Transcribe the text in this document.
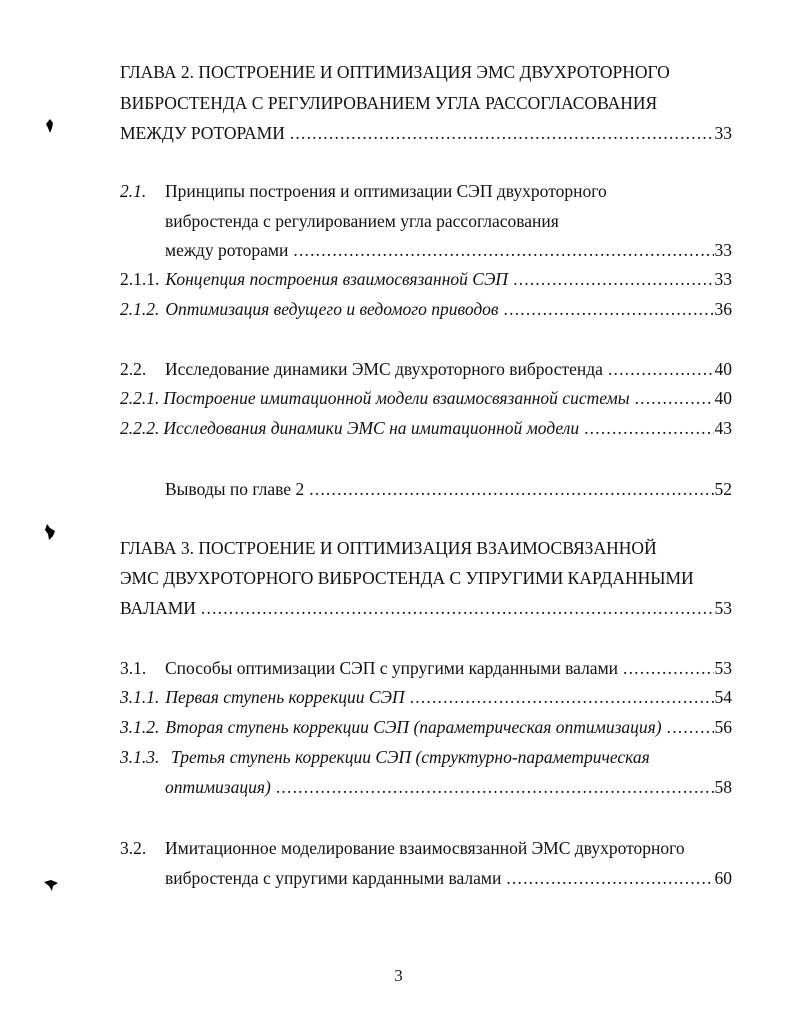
ГЛАВА 2. ПОСТРОЕНИЕ И ОПТИМИЗАЦИЯ ЭМС ДВУХРОТОРНОГО
ВИБРОСТЕНДА С РЕГУЛИРОВАНИЕМ УГЛА РАССОГЛАСОВАНИЯ
МЕЖДУ РОТОРАМИ .....	33
2.1. Принципы построения и оптимизации СЭП двухроторного
вибростенда с регулированием угла рассогласования
между роторами .....	33
2.1.1. Концепция построения взаимосвязанной СЭП .....	33
2.1.2. Оптимизация ведущего и ведомого приводов .....	36
2.2.	Исследование динамики ЭМС двухроторного вибростенда .....	40
2.2.1. Построение имитационной модели взаимосвязанной системы .....	40
2.2.2. Исследования динамики ЭМС на имитационной модели .....	43
Выводы по главе 2 .....	52
ГЛАВА 3. ПОСТРОЕНИЕ И ОПТИМИЗАЦИЯ ВЗАИМОСВЯЗАННОЙ
ЭМС ДВУХРОТОРНОГО ВИБРОСТЕНДА С УПРУГИМИ КАРДАННЫМИ
ВАЛАМИ .....	53
3.1.	Способы оптимизации СЭП с упругими карданными валами .....	53
3.1.1. Первая ступень коррекции СЭП .....	54
3.1.2. Вторая ступень коррекции СЭП (параметрическая оптимизация) .....	56
3.1.3. Третья ступень коррекции СЭП (структурно-параметрическая
оптимизация) .....	58
3.2. Имитационное моделирование взаимосвязанной ЭМС двухроторного
вибростенда с упругими карданными валами .....	60
3
